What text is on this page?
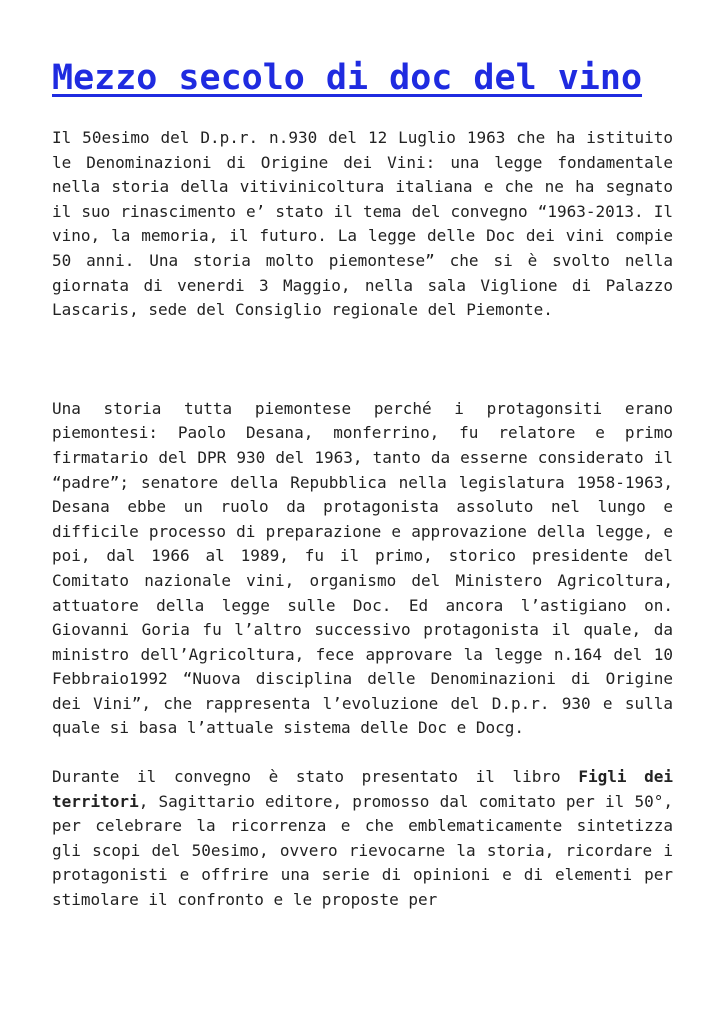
Mezzo secolo di doc del vino

Il 50esimo del D.p.r. n.930 del 12 Luglio 1963 che ha istituito le Denominazioni di Origine dei Vini: una legge fondamentale nella storia della vitivinicoltura italiana e che ne ha segnato il suo rinascimento e’ stato il tema del convegno “1963-2013. Il vino, la memoria, il futuro. La legge delle Doc dei vini compie 50 anni. Una storia molto piemontese” che si è svolto nella giornata di venerdi 3 Maggio, nella sala Viglione di Palazzo Lascaris, sede del Consiglio regionale del Piemonte.

Una storia tutta piemontese perché i protagonsiti erano piemontesi: Paolo Desana, monferrino, fu relatore e primo firmatario del DPR 930 del 1963, tanto da esserne considerato il “padre”; senatore della Repubblica nella legislatura 1958-1963, Desana ebbe un ruolo da protagonista assoluto nel lungo e difficile processo di preparazione e approvazione della legge, e poi, dal 1966 al 1989, fu il primo, storico presidente del Comitato nazionale vini, organismo del Ministero Agricoltura, attuatore della legge sulle Doc. Ed ancora l’astigiano on. Giovanni Goria fu l’altro successivo protagonista il quale, da ministro dell’Agricoltura, fece approvare la legge n.164 del 10 Febbraio1992 “Nuova disciplina delle Denominazioni di Origine dei Vini”, che rappresenta l’evoluzione del D.p.r. 930 e sulla quale si basa l’attuale sistema delle Doc e Docg.

Durante il convegno è stato presentato il libro Figli dei territori, Sagittario editore, promosso dal comitato per il 50°, per celebrare la ricorrenza e che emblematicamente sintetizza gli scopi del 50esimo, ovvero rievocarne la storia, ricordare i protagonisti e offrire una serie di opinioni e di elementi per stimolare il confronto e le proposte per
